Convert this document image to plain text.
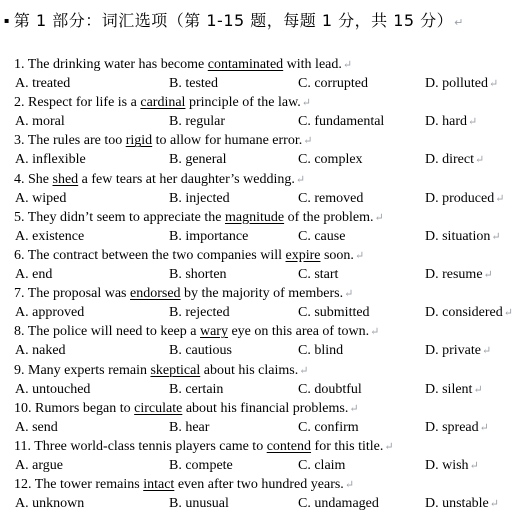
▪ 第 1 部分：词汇选项（第 1-15 题，每题 1 分，共 15 分）↵
1. The drinking water has become contaminated with lead.↵
A. treated	B. tested	C. corrupted	D. polluted↵
2. Respect for life is a cardinal principle of the law.↵
A. moral	B. regular	C. fundamental	D. hard↵
3. The rules are too rigid to allow for humane error.↵
A. inflexible	B. general	C. complex	D. direct↵
4. She shed a few tears at her daughter’s wedding.↵
A. wiped	B. injected	C. removed	D. produced↵
5. They didn’t seem to appreciate the magnitude of the problem.↵
A. existence	B. importance	C. cause	D. situation↵
6. The contract between the two companies will expire soon.↵
A. end	B. shorten	C. start	D. resume↵
7. The proposal was endorsed by the majority of members.↵
A. approved	B. rejected	C. submitted	D. considered↵
8. The police will need to keep a wary eye on this area of town.↵
A. naked	B. cautious	C. blind	D. private↵
9. Many experts remain skeptical about his claims.↵
A. untouched	B. certain	C. doubtful	D. silent↵
10. Rumors began to circulate about his financial problems.↵
A. send	B. hear	C. confirm	D. spread↵
11. Three world-class tennis players came to contend for this title.↵
A. argue	B. compete	C. claim	D. wish↵
12. The tower remains intact even after two hundred years.↵
A. unknown	B. unusual	C. undamaged	D. unstable↵
